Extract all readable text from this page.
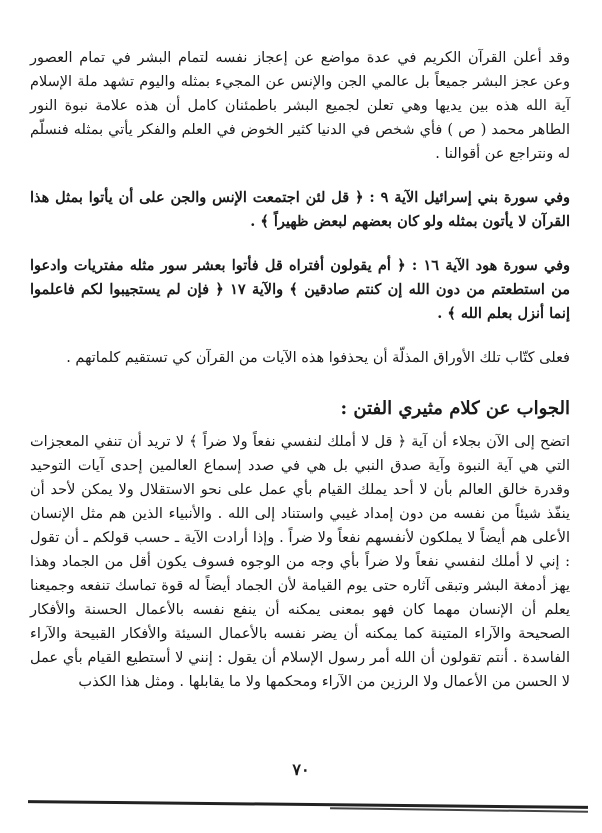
وقد أعلن القرآن الكريم في عدة مواضع عن إعجاز نفسه لتمام البشر في تمام العصور وعن عجز البشر جميعاً بل عالمي الجن والإنس عن المجيء بمثله واليوم تشهد ملة الإسلام آية الله هذه بين يديها وهي تعلن لجميع البشر باطمئنان كامل أن هذه علامة نبوة النور الطاهر محمد ( ص ) فأي شخص في الدنيا كثير الخوض في العلم والفكر يأتي بمثله فنسلّم له ونتراجع عن أقوالنا .

وفي سورة بني إسرائيل الآية ٩ : ﴿ قل لئن اجتمعت الإنس والجن على أن يأتوا بمثل هذا القرآن لا يأتون بمثله ولو كان بعضهم لبعض ظهيراً ﴾ .

وفي سورة هود الآية ١٦ : ﴿ أم يقولون أفتراه قل فأتوا بعشر سور مثله مفتريات وادعوا من استطعتم من دون الله إن كنتم صادقين ﴾ والآية ١٧ ﴿ فإن لم يستجيبوا لكم فاعلموا إنما أنزل بعلم الله ﴾ .

فعلى كتّاب تلك الأوراق المذلّة أن يحذفوا هذه الآيات من القرآن كي تستقيم كلماتهم .

الجواب عن كلام مثيري الفتن :

اتضح إلى الآن بجلاء أن آية ﴿ قل لا أملك لنفسي نفعاً ولا ضراً ﴾ لا تريد أن تنفي المعجزات التي هي آية النبوة وآية صدق النبي بل هي في صدد إسماع العالمين إحدى آيات التوحيد وقدرة خالق العالم بأن لا أحد يملك القيام بأي عمل على نحو الاستقلال ولا يمكن لأحد أن ينفّذ شيئاً من نفسه من دون إمداد غيبي واستناد إلى الله . والأنبياء الذين هم مثل الإنسان الأعلى هم أيضاً لا يملكون لأنفسهم نفعاً ولا ضراً . وإذا أرادت الآية ـ حسب قولكم ـ أن تقول : إني لا أملك لنفسي نفعاً ولا ضراً بأي وجه من الوجوه فسوف يكون أقل من الجماد وهذا يهز أدمغة البشر وتبقى آثاره حتى يوم القيامة لأن الجماد أيضاً له قوة تماسك تنفعه وجميعنا يعلم أن الإنسان مهما كان فهو بمعنى يمكنه أن ينفع نفسه بالأعمال الحسنة والأفكار الصحيحة والآراء المتينة كما يمكنه أن يضر نفسه بالأعمال السيئة والأفكار القبيحة والآراء الفاسدة . أنتم تقولون أن الله أمر رسول الإسلام أن يقول : إنني لا أستطيع القيام بأي عمل لا الحسن من الأعمال ولا الرزين من الآراء ومحكمها ولا ما يقابلها . ومثل هذا الكذب

٧٠
